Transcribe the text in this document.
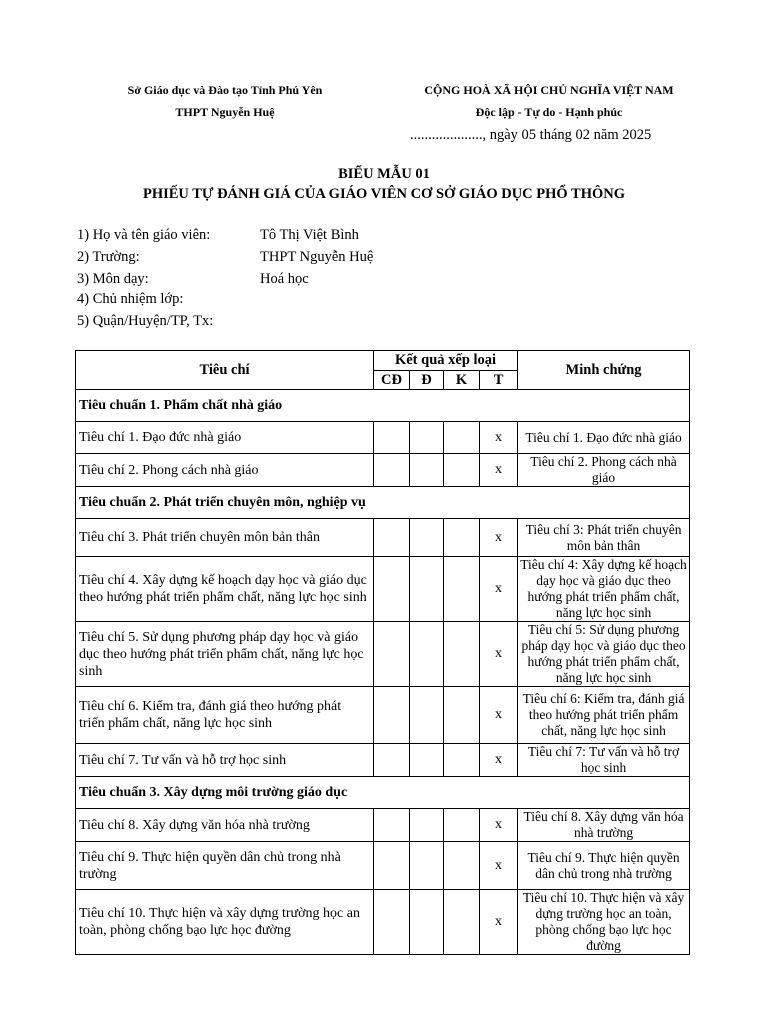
Sở Giáo dục và Đào tạo Tỉnh Phú Yên
THPT Nguyễn Huệ
CỘNG HOÀ XÃ HỘI CHỦ NGHĨA VIỆT NAM
Độc lập - Tự do - Hạnh phúc
...................., ngày 05 tháng 02 năm 2025
BIỂU MẪU 01
PHIẾU TỰ ĐÁNH GIÁ CỦA GIÁO VIÊN CƠ SỞ GIÁO DỤC PHỔ THÔNG
1) Họ và tên giáo viên:	Tô Thị Việt Bình
2) Trường:	THPT Nguyễn Huệ
3) Môn dạy:	Hoá học
4) Chủ nhiệm lớp:
5) Quận/Huyện/TP, Tx:
Tiêu chí	Kết quả xếp loại				Minh chứng
	CĐ	Đ	K	T	
Tiêu chuẩn 1. Phẩm chất nhà giáo					
Tiêu chí 1. Đạo đức nhà giáo				x	Tiêu chí 1. Đạo đức nhà giáo

Tiêu chí 2. Phong cách nhà giáo				x	Tiêu chí 2. Phong cách nhà giáo

Tiêu chuẩn 2. Phát triển chuyên môn, nghiệp vụ					
Tiêu chí 3. Phát triển chuyên môn bản thân				x	Tiêu chí 3: Phát triển chuyên môn bản thân

Tiêu chí 4. Xây dựng kế hoạch dạy học và giáo dục theo hướng phát triển phẩm chất, năng lực học sinh				x	Tiêu chí 4: Xây dựng kế hoạch dạy học và giáo dục theo hướng phát triển phẩm chất, năng lực học sinh

Tiêu chí 5. Sử dụng phương pháp dạy học và giáo dục theo hướng phát triển phẩm chất, năng lực học sinh				x	Tiêu chí 5: Sử dụng phương pháp dạy học và giáo dục theo hướng phát triển phẩm chất, năng lực học sinh

Tiêu chí 6. Kiểm tra, đánh giá theo hướng phát triển phẩm chất, năng lực học sinh				x	Tiêu chí 6: Kiểm tra, đánh giá theo hướng phát triển phẩm chất, năng lực học sinh

Tiêu chí 7. Tư vấn và hỗ trợ học sinh				x	Tiêu chí 7: Tư vấn và hỗ trợ học sinh

Tiêu chuẩn 3. Xây dựng môi trường giáo dục					
Tiêu chí 8. Xây dựng văn hóa nhà trường				x	Tiêu chí 8. Xây dựng văn hóa nhà trường

Tiêu chí 9. Thực hiện quyền dân chủ trong nhà trường				x	Tiêu chí 9. Thực hiện quyền dân chủ trong nhà trường

Tiêu chí 10. Thực hiện và xây dựng trường học an toàn, phòng chống bạo lực học đường				x	Tiêu chí 10. Thực hiện và xây dựng trường học an toàn, phòng chống bạo lực học đường
